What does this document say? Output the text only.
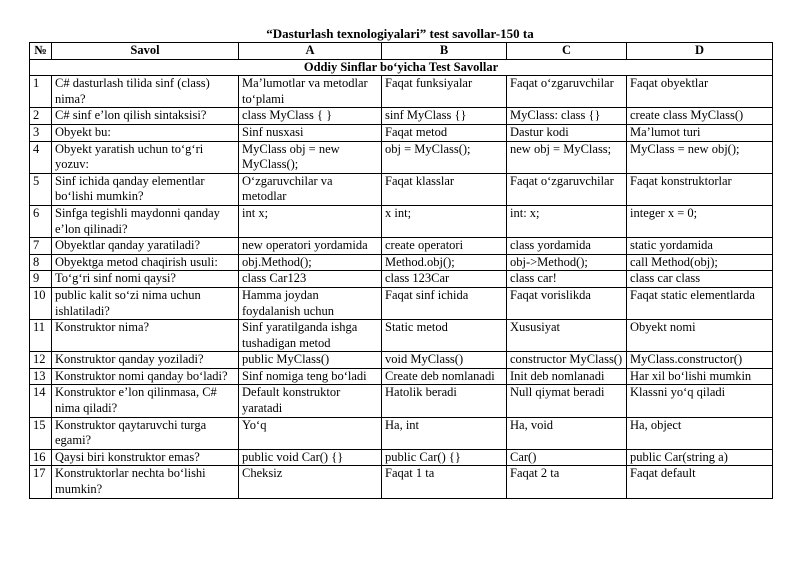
“Dasturlash texnologiyalari” test savollar-150 ta
№	Savol	A	B	C	D
Oddiy Sinflar bo‘yicha Test Savollar					
1	C# dasturlash tilida sinf (class) nima?	Ma’lumotlar va metodlar to‘plami	Faqat funksiyalar	Faqat o‘zgaruvchilar	Faqat obyektlar
2	C# sinf e’lon qilish sintaksisi?	class MyClass { }	sinf MyClass {}	MyClass: class {}	create class MyClass()
3	Obyekt bu:	Sinf nusxasi	Faqat metod	Dastur kodi	Ma’lumot turi
4	Obyekt yaratish uchun to‘g‘ri yozuv:	MyClass obj = new MyClass();	obj = MyClass();	new obj = MyClass;	MyClass = new obj();
5	Sinf ichida qanday elementlar bo‘lishi mumkin?	O‘zgaruvchilar va metodlar	Faqat klasslar	Faqat o‘zgaruvchilar	Faqat konstruktorlar
6	Sinfga tegishli maydonni qanday e’lon qilinadi?	int x;	x int;	int: x;	integer x = 0;
7	Obyektlar qanday yaratiladi?	new operatori yordamida	create operatori	class yordamida	static yordamida
8	Obyektga metod chaqirish usuli:	obj.Method();	Method.obj();	obj->Method();	call Method(obj);
9	To‘g‘ri sinf nomi qaysi?	class Car123	class 123Car	class car!	class car class
10	public kalit so‘zi nima uchun ishlatiladi?	Hamma joydan foydalanish uchun	Faqat sinf ichida	Faqat vorislikda	Faqat static elementlarda
11	Konstruktor nima?	Sinf yaratilganda ishga tushadigan metod	Static metod	Xususiyat	Obyekt nomi
12	Konstruktor qanday yoziladi?	public MyClass()	void MyClass()	constructor MyClass()	MyClass.constructor()
13	Konstruktor nomi qanday bo‘ladi?	Sinf nomiga teng bo‘ladi	Create deb nomlanadi	Init deb nomlanadi	Har xil bo‘lishi mumkin
14	Konstruktor e’lon qilinmasa, C# nima qiladi?	Default konstruktor yaratadi	Hatolik beradi	Null qiymat beradi	Klassni yo‘q qiladi
15	Konstruktor qaytaruvchi turga egami?	Yo‘q	Ha, int	Ha, void	Ha, object
16	Qaysi biri konstruktor emas?	public void Car() {}	public Car() {}	Car()	public Car(string a)
17	Konstruktorlar nechta bo‘lishi mumkin?	Cheksiz	Faqat 1 ta	Faqat 2 ta	Faqat default
